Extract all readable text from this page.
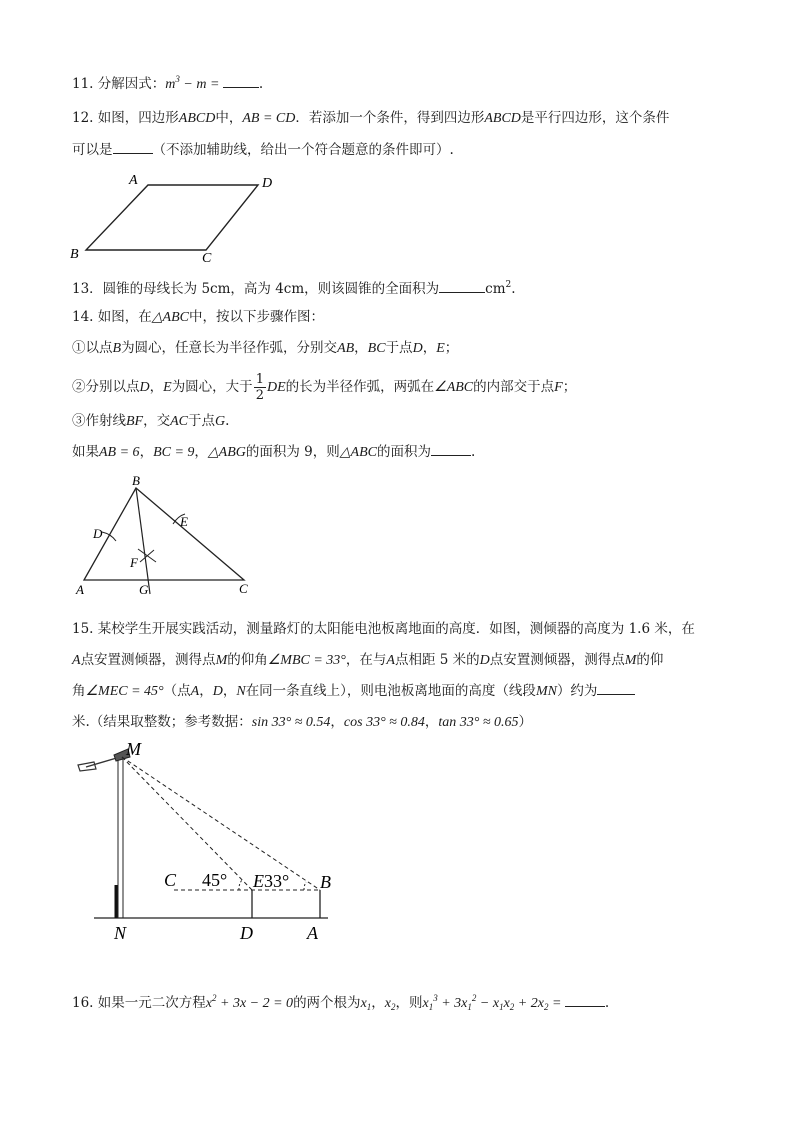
11. 分解因式：$m^3 - m$ =	.
12. 如图，四边形ABCD中，AB = CD．若添加一个条件，得到四边形ABCD是平行四边形，这个条件
可以是	（不添加辅助线，给出一个符合题意的条件即可）.
A	D
B	C
13．圆锥的母线长为 5cm，高为 4cm，则该圆锥的全面积为	$cm^2$.
14. 如图，在△ABC中，按以下步骤作图：
①以点B为圆心，任意长为半径作弧，分别交AB，BC于点D，E；
②分别以点D，E为圆心，大于 $\frac{1}{2}$ DE的长为半径作弧，两弧在∠ABC的内部交于点F；
③作射线BF，交AC于点G.
如果AB = 6，BC = 9，△ABG的面积为 9，则△ABC的面积为	.
B
D
E
F
A	G	C
15. 某校学生开展实践活动，测量路灯的太阳能电池板离地面的高度．如图，测倾器的高度为 1.6 米，在
A点安置测倾器，测得点M的仰角∠MBC = 33°，在与A点相距 5 米的D点安置测倾器，测得点M的仰
角∠MEC = 45°（点A，D，N在同一条直线上），则电池板离地面的高度（线段MN）约为
米.（结果取整数；参考数据：sin 33° ≈ 0.54，cos 33° ≈ 0.84，tan 33° ≈ 0.65）
M
C 45° E 33° B
N	D	A
16. 如果一元二次方程$x^2 + 3x - 2 = 0$的两个根为$x_1$，$x_2$，则$x_1^3 + 3x_1^2 - x_1x_2 + 2x_2$ =	.
